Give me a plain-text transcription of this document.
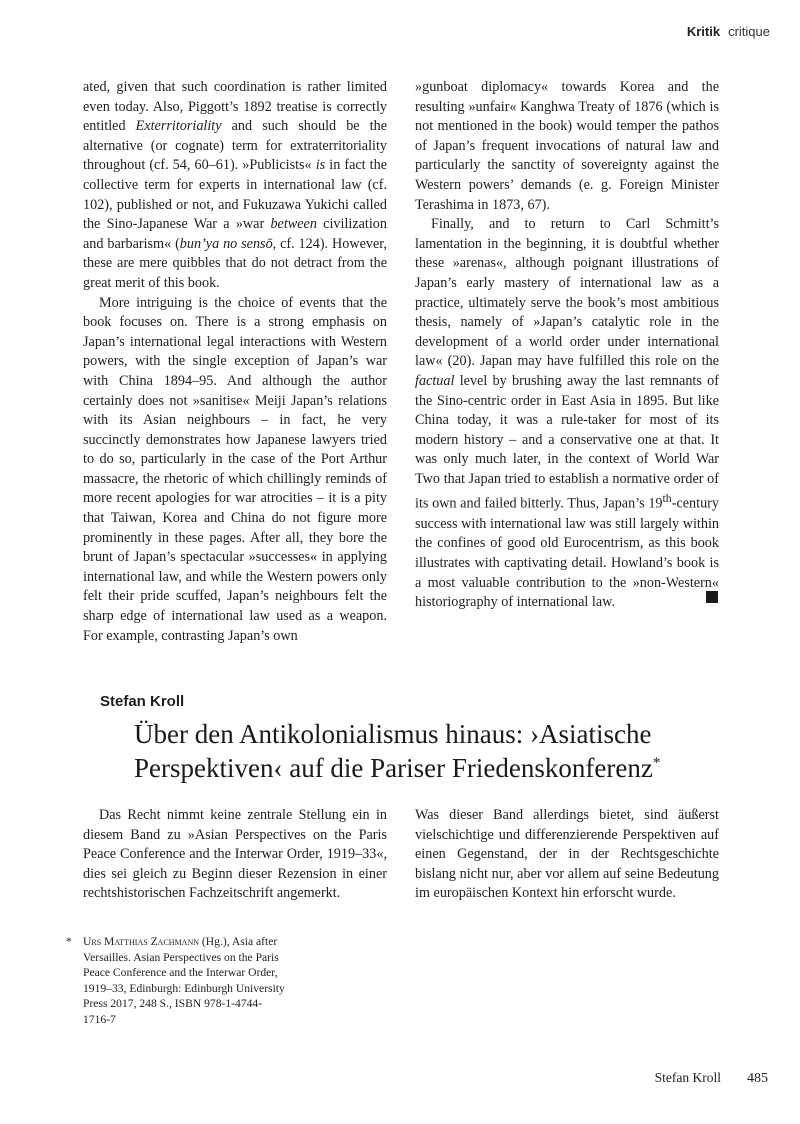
Kritik critique

ated, given that such coordination is rather limited even today. Also, Piggott’s 1892 treatise is correctly entitled Exterritoriality and such should be the alternative (or cognate) term for extraterritoriality throughout (cf. 54, 60–61). »Publicists« is in fact the collective term for experts in international law (cf. 102), published or not, and Fukuzawa Yukichi called the Sino-Japanese War a »war between civilization and barbarism« (bun’ya no sensō, cf. 124). However, these are mere quibbles that do not detract from the great merit of this book.

More intriguing is the choice of events that the book focuses on. There is a strong emphasis on Japan’s international legal interactions with Western powers, with the single exception of Japan’s war with China 1894–95. And although the author certainly does not »sanitise« Meiji Japan’s relations with its Asian neighbours – in fact, he very succinctly demonstrates how Japanese lawyers tried to do so, particularly in the case of the Port Arthur massacre, the rhetoric of which chillingly reminds of more recent apologies for war atrocities – it is a pity that Taiwan, Korea and China do not figure more prominently in these pages. After all, they bore the brunt of Japan’s spectacular »successes« in applying international law, and while the Western powers only felt their pride scuffed, Japan’s neighbours felt the sharp edge of international law used as a weapon. For example, contrasting Japan’s own

»gunboat diplomacy« towards Korea and the resulting »unfair« Kanghwa Treaty of 1876 (which is not mentioned in the book) would temper the pathos of Japan’s frequent invocations of natural law and particularly the sanctity of sovereignty against the Western powers’ demands (e. g. Foreign Minister Terashima in 1873, 67).

Finally, and to return to Carl Schmitt’s lamentation in the beginning, it is doubtful whether these »arenas«, although poignant illustrations of Japan’s early mastery of international law as a practice, ultimately serve the book’s most ambitious thesis, namely of »Japan’s catalytic role in the development of a world order under international law« (20). Japan may have fulfilled this role on the factual level by brushing away the last remnants of the Sino-centric order in East Asia in 1895. But like China today, it was a rule-taker for most of its modern history – and a conservative one at that. It was only much later, in the context of World War Two that Japan tried to establish a normative order of its own and failed bitterly. Thus, Japan’s 19th-century success with international law was still largely within the confines of good old Eurocentrism, as this book illustrates with captivating detail. Howland’s book is a most valuable contribution to the »non-Western« historiography of international law.

Stefan Kroll
Über den Antikolonialismus hinaus: ›Asiatische Perspektiven‹ auf die Pariser Friedenskonferenz*

Das Recht nimmt keine zentrale Stellung ein in diesem Band zu »Asian Perspectives on the Paris Peace Conference and the Interwar Order, 1919–33«, dies sei gleich zu Beginn dieser Rezension in einer rechtshistorischen Fachzeitschrift angemerkt.

Was dieser Band allerdings bietet, sind äußerst vielschichtige und differenzierende Perspektiven auf einen Gegenstand, der in der Rechtsgeschichte bislang nicht nur, aber vor allem auf seine Bedeutung im europäischen Kontext hin erforscht wurde.

* Urs Matthias Zachmann (Hg.), Asia after Versailles. Asian Perspectives on the Paris Peace Conference and the Interwar Order, 1919–33, Edinburgh: Edinburgh University Press 2017, 248 S., ISBN 978-1-4744-1716-7
Stefan Kroll 485
